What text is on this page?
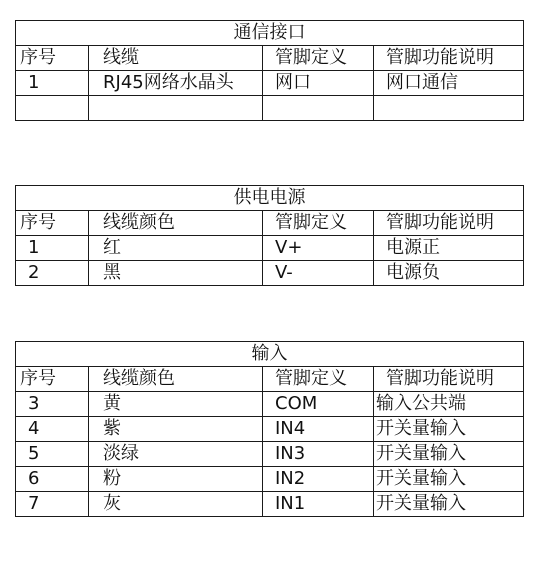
通信接口			
序号	线缆	管脚定义	管脚功能说明
1	RJ45网络水晶头	网口	网口通信

供电电源			
序号	线缆颜色	管脚定义	管脚功能说明
1	红	V+	电源正
2	黑	V-	电源负
输入			
序号	线缆颜色	管脚定义	管脚功能说明
3	黄	COM	输入公共端
4	紫	IN4	开关量输入
5	淡绿	IN3	开关量输入
6	粉	IN2	开关量输入
7	灰	IN1	开关量输入
